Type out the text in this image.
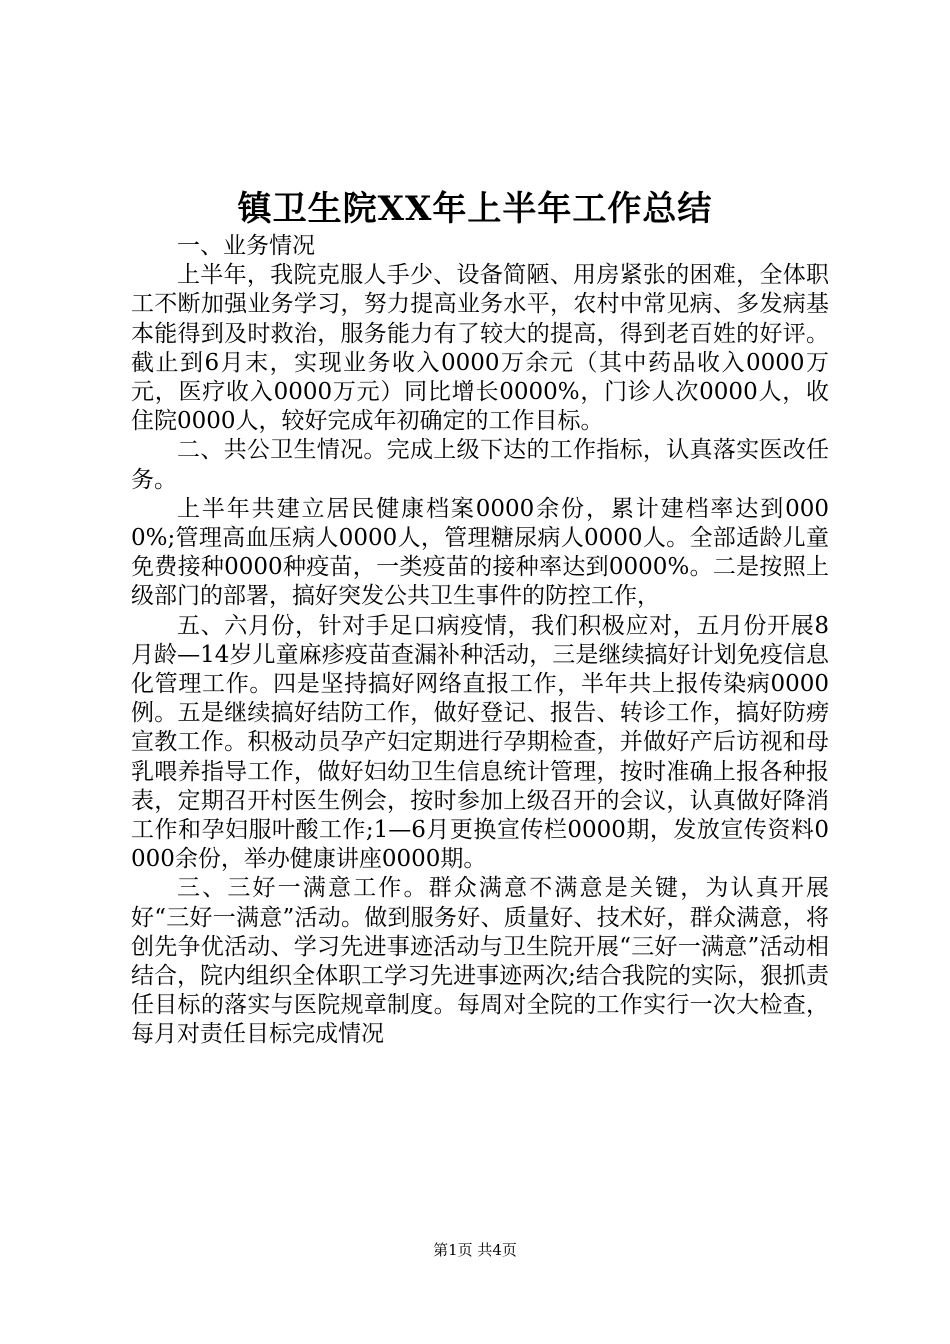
镇卫生院XX年上半年工作总结

一、业务情况

上半年，我院克服人手少、设备简陋、用房紧张的困难，全体职工不断加强业务学习，努力提高业务水平，农村中常见病、多发病基本能得到及时救治，服务能力有了较大的提高，得到老百姓的好评。截止到6月末，实现业务收入0000万余元（其中药品收入0000万元，医疗收入0000万元）同比增长0000%，门诊人次0000人，收住院0000人，较好完成年初确定的工作目标。

二、共公卫生情况。完成上级下达的工作指标，认真落实医改任务。

上半年共建立居民健康档案0000余份，累计建档率达到0000%;管理高血压病人0000人，管理糖尿病人0000人。全部适龄儿童免费接种0000种疫苗，一类疫苗的接种率达到0000%。二是按照上级部门的部署，搞好突发公共卫生事件的防控工作，

五、六月份，针对手足口病疫情，我们积极应对，五月份开展8月龄—14岁儿童麻疹疫苗查漏补种活动，三是继续搞好计划免疫信息化管理工作。四是坚持搞好网络直报工作，半年共上报传染病0000例。五是继续搞好结防工作，做好登记、报告、转诊工作，搞好防痨宣教工作。积极动员孕产妇定期进行孕期检查，并做好产后访视和母乳喂养指导工作，做好妇幼卫生信息统计管理，按时准确上报各种报表，定期召开村医生例会，按时参加上级召开的会议，认真做好降消工作和孕妇服叶酸工作;1—6月更换宣传栏0000期，发放宣传资料0000余份，举办健康讲座0000期。

三、三好一满意工作。群众满意不满意是关键，为认真开展好“三好一满意”活动。做到服务好、质量好、技术好，群众满意，将创先争优活动、学习先进事迹活动与卫生院开展“三好一满意”活动相结合，院内组织全体职工学习先进事迹两次;结合我院的实际，狠抓责任目标的落实与医院规章制度。每周对全院的工作实行一次大检查，每月对责任目标完成情况

第1页 共4页
